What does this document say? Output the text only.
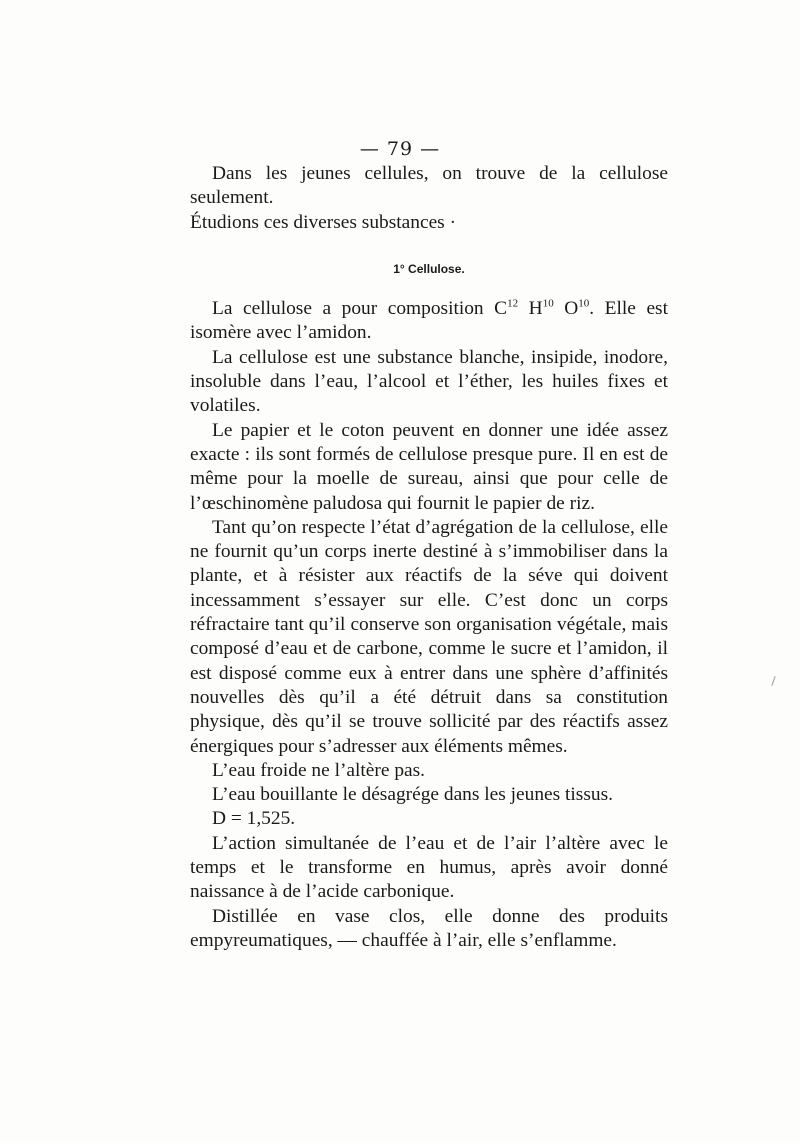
— 79 —

Dans les jeunes cellules, on trouve de la cellulose seulement.

Étudions ces diverses substances ·

1° Cellulose.

La cellulose a pour composition $C^{12}$ $H^{10}$ $O^{10}$. Elle est isomère avec l’amidon.

La cellulose est une substance blanche, insipide, inodore, insoluble dans l’eau, l’alcool et l’éther, les huiles fixes et volatiles.

Le papier et le coton peuvent en donner une idée assez exacte : ils sont formés de cellulose presque pure. Il en est de même pour la moelle de sureau, ainsi que pour celle de l’œschinomène paludosa qui fournit le papier de riz.

Tant qu’on respecte l’état d’agrégation de la cellulose, elle ne fournit qu’un corps inerte destiné à s’immobiliser dans la plante, et à résister aux réactifs de la séve qui doivent incessamment s’essayer sur elle. C’est donc un corps réfractaire tant qu’il conserve son organisation végétale, mais composé d’eau et de carbone, comme le sucre et l’amidon, il est disposé comme eux à entrer dans une sphère d’affinités nouvelles dès qu’il a été détruit dans sa constitution physique, dès qu’il se trouve sollicité par des réactifs assez énergiques pour s’adresser aux éléments mêmes.

L’eau froide ne l’altère pas.

L’eau bouillante le désagrége dans les jeunes tissus.

D = 1,525.

L’action simultanée de l’eau et de l’air l’altère avec le temps et le transforme en humus, après avoir donné naissance à de l’acide carbonique.

Distillée en vase clos, elle donne des produits empyreumatiques, — chauffée à l’air, elle s’enflamme.
